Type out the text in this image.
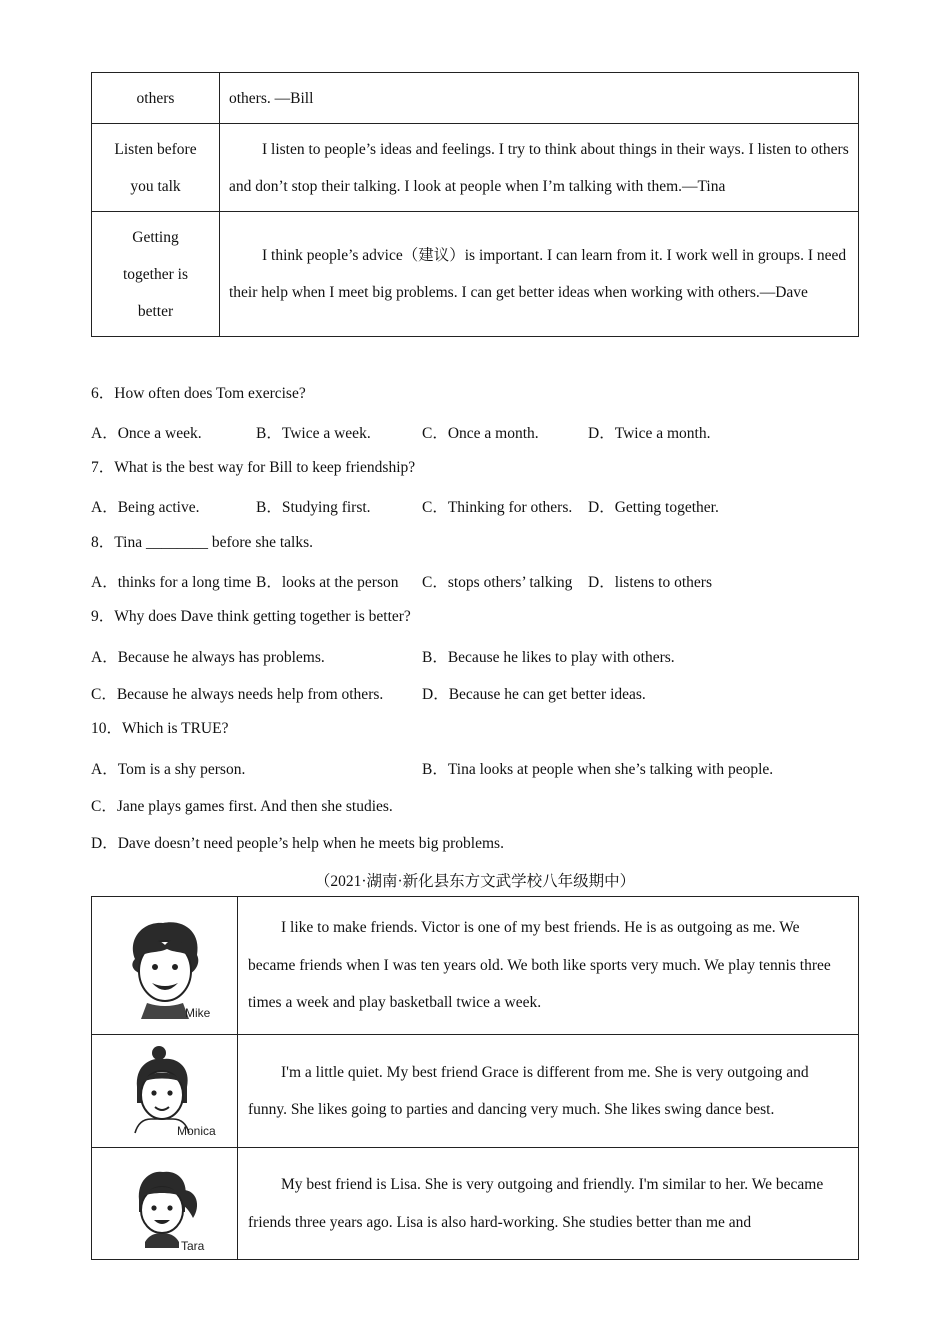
others	others. —Bill
Listen before
you talk	I listen to people’s ideas and feelings. I try to think about things in their ways. I listen to others and don’t stop their talking. I look at people when I’m talking with them.—Tina
Getting
together is
better	I think people’s advice（建议）is important. I can learn from it. I work well in groups. I need their help when I meet big problems. I can get better ideas when working with others.—Dave
6．How often does Tom exercise?
A．Once a week.	B．Twice a week.	C．Once a month.	D．Twice a month.
7．What is the best way for Bill to keep friendship?
A．Being active.	B．Studying first.	C．Thinking for others. D．Getting together.
8．Tina ________ before she talks.
A．thinks for a long time B．looks at the person C．stops others’ talking D．listens to others
9．Why does Dave think getting together is better?
A．Because he always has problems.	B．Because he likes to play with others.
C．Because he always needs help from others. D．Because he can get better ideas.
10．Which is TRUE?
A．Tom is a shy person.	B．Tina looks at people when she’s talking with people.
C．Jane plays games first. And then she studies.
D．Dave doesn’t need people’s help when he meets big problems.
（2021·湖南·新化县东方文武学校八年级期中）
Mike	I like to make friends. Victor is one of my best friends. He is as outgoing as me. We became friends when I was ten years old. We both like sports very much. We play tennis three times a week and play basketball twice a week.

Monica	I'm a little quiet. My best friend Grace is different from me. She is very outgoing and funny. She likes going to parties and dancing very much. She likes swing dance best.

Tara	My best friend is Lisa. She is very outgoing and friendly. I'm similar to her. We became friends three years ago. Lisa is also hard-working. She studies better than me and
